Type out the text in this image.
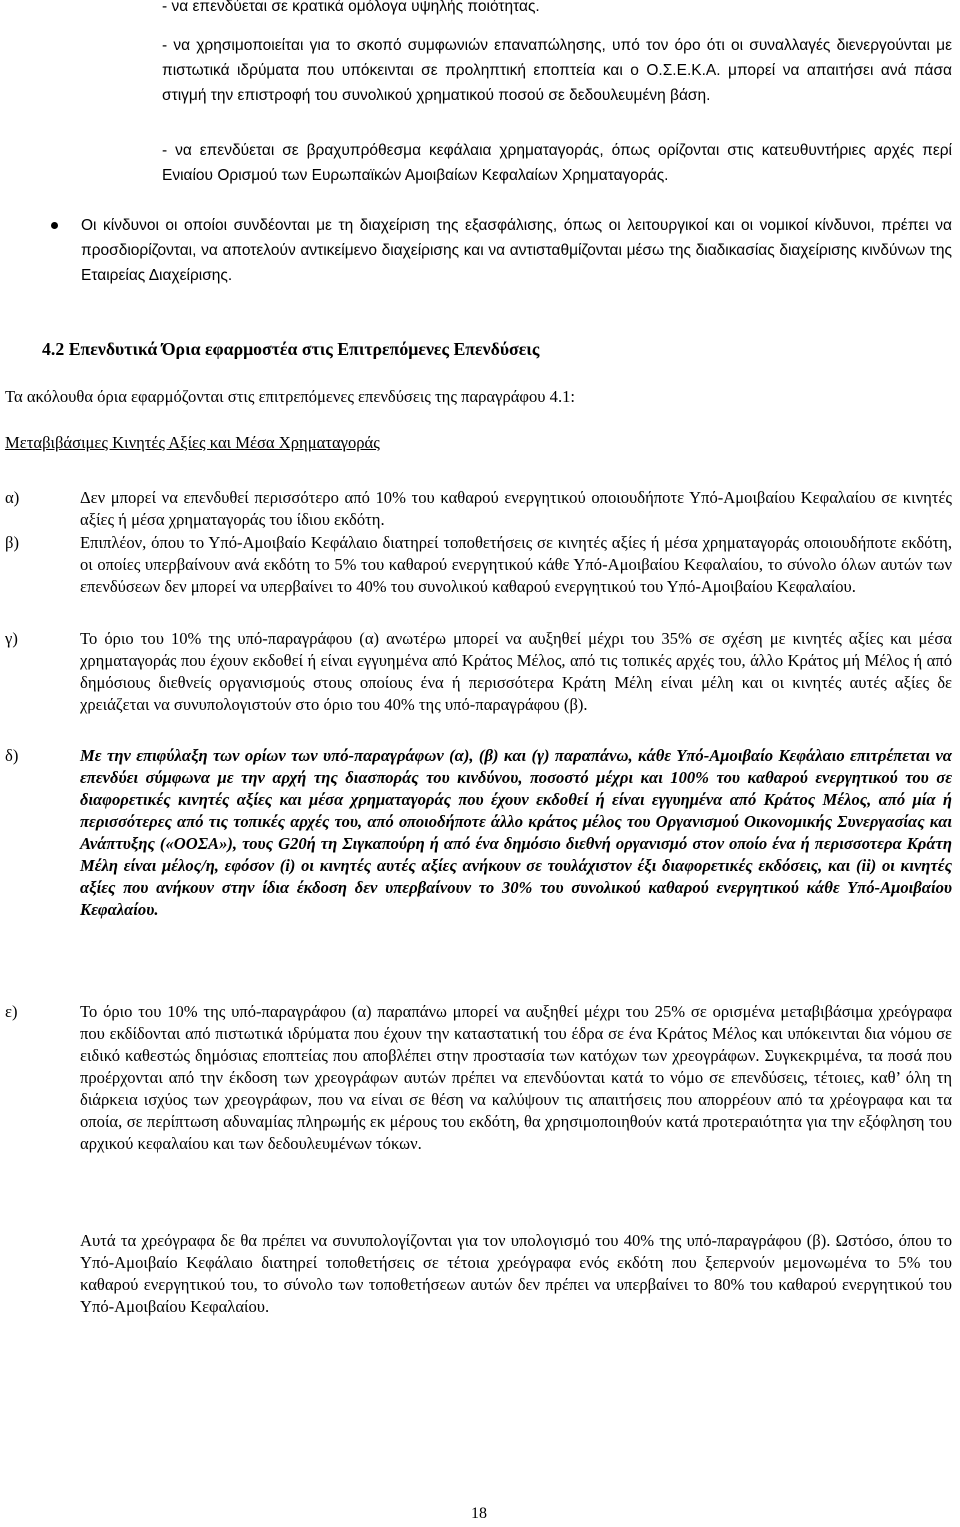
- να επενδύεται σε κρατικά ομόλογα υψηλής ποιότητας.
- να χρησιμοποιείται για το σκοπό συμφωνιών επαναπώλησης, υπό τον όρο ότι οι συναλλαγές διενεργούνται με πιστωτικά ιδρύματα που υπόκεινται σε προληπτική εποπτεία και ο Ο.Σ.Ε.Κ.Α. μπορεί να απαιτήσει ανά πάσα στιγμή την επιστροφή του συνολικού χρηματικού ποσού σε δεδουλευμένη βάση.
- να επενδύεται σε βραχυπρόθεσμα κεφάλαια χρηματαγοράς, όπως ορίζονται στις κατευθυντήριες αρχές περί Ενιαίου Ορισμού των Ευρωπαϊκών Αμοιβαίων Κεφαλαίων Χρηματαγοράς.
Οι κίνδυνοι οι οποίοι συνδέονται με τη διαχείριση της εξασφάλισης, όπως οι λειτουργικοί και οι νομικοί κίνδυνοι, πρέπει να προσδιορίζονται, να αποτελούν αντικείμενο διαχείρισης και να αντισταθμίζονται μέσω της διαδικασίας διαχείρισης κινδύνων της Εταιρείας Διαχείρισης.
4.2 Επενδυτικά Όρια εφαρμοστέα στις Επιτρεπόμενες Επενδύσεις
Τα ακόλουθα όρια εφαρμόζονται στις επιτρεπόμενες επενδύσεις της παραγράφου 4.1:
Μεταβιβάσιμες Κινητές Αξίες και Μέσα Χρηματαγοράς
α)	Δεν μπορεί να επενδυθεί περισσότερο από 10% του καθαρού ενεργητικού οποιουδήποτε Υπό-Αμοιβαίου Κεφαλαίου σε κινητές αξίες ή μέσα χρηματαγοράς του ίδιου εκδότη.
β)	Επιπλέον, όπου το Υπό-Αμοιβαίο Κεφάλαιο διατηρεί τοποθετήσεις σε κινητές αξίες ή μέσα χρηματαγοράς οποιουδήποτε εκδότη, οι οποίες υπερβαίνουν ανά εκδότη το 5% του καθαρού ενεργητικού κάθε Υπό-Αμοιβαίου Κεφαλαίου, το σύνολο όλων αυτών των επενδύσεων δεν μπορεί να υπερβαίνει το 40% του συνολικού καθαρού ενεργητικού του Υπό-Αμοιβαίου Κεφαλαίου.
γ)	Το όριο του 10% της υπό-παραγράφου (α) ανωτέρω μπορεί να αυξηθεί μέχρι του 35% σε σχέση με κινητές αξίες και μέσα χρηματαγοράς που έχουν εκδοθεί ή είναι εγγυημένα από Κράτος Μέλος, από τις τοπικές αρχές του, άλλο Κράτος μή Μέλος ή από δημόσιους διεθνείς οργανισμούς στους οποίους ένα ή περισσότερα Κράτη Μέλη είναι μέλη και οι κινητές αυτές αξίες δε χρειάζεται να συνυπολογιστούν στο όριο του 40% της υπό-παραγράφου (β).
δ)	Με την επιφύλαξη των ορίων των υπό-παραγράφων (α), (β) και (γ) παραπάνω, κάθε Υπό-Αμοιβαίο Κεφάλαιο επιτρέπεται να επενδύει σύμφωνα με την αρχή της διασποράς του κινδύνου, ποσοστό μέχρι και 100% του καθαρού ενεργητικού του σε διαφορετικές κινητές αξίες και μέσα χρηματαγοράς που έχουν εκδοθεί ή είναι εγγυημένα από Κράτος Μέλος, από μία ή περισσότερες από τις τοπικές αρχές του, από οποιοδήποτε άλλο κράτος μέλος του Οργανισμού Οικονομικής Συνεργασίας και Ανάπτυξης («ΟΟΣΑ»), τους G20ή τη Σιγκαπούρη ή από ένα δημόσιο διεθνή οργανισμό στον οποίο ένα ή περισσοτερα Κράτη Μέλη είναι μέλος/η, εφόσον (i) οι κινητές αυτές αξίες ανήκουν σε τουλάχιστον έξι διαφορετικές εκδόσεις, και (ii) οι κινητές αξίες που ανήκουν στην ίδια έκδοση δεν υπερβαίνουν το 30% του συνολικού καθαρού ενεργητικού κάθε Υπό-Αμοιβαίου Κεφαλαίου.
ε)	Το όριο του 10% της υπό-παραγράφου (α) παραπάνω μπορεί να αυξηθεί μέχρι του 25% σε ορισμένα μεταβιβάσιμα χρεόγραφα που εκδίδονται από πιστωτικά ιδρύματα που έχουν την καταστατική του έδρα σε ένα Κράτος Μέλος και υπόκεινται δια νόμου σε ειδικό καθεστώς δημόσιας εποπτείας που αποβλέπει στην προστασία των κατόχων των χρεογράφων. Συγκεκριμένα, τα ποσά που προέρχονται από την έκδοση των χρεογράφων αυτών πρέπει να επενδύονται κατά το νόμο σε επενδύσεις, τέτοιες, καθ’ όλη τη διάρκεια ισχύος των χρεογράφων, που να είναι σε θέση να καλύψουν τις απαιτήσεις που απορρέουν από τα χρέογραφα και τα οποία, σε περίπτωση αδυναμίας πληρωμής εκ μέρους του εκδότη, θα χρησιμοποιηθούν κατά προτεραιότητα για την εξόφληση του αρχικού κεφαλαίου και των δεδουλευμένων τόκων.
Αυτά τα χρεόγραφα δε θα πρέπει να συνυπολογίζονται για τον υπολογισμό του 40% της υπό-παραγράφου (β). Ωστόσο, όπου το Υπό-Αμοιβαίο Κεφάλαιο διατηρεί τοποθετήσεις σε τέτοια χρεόγραφα ενός εκδότη που ξεπερνούν μεμονωμένα το 5% του καθαρού ενεργητικού του, το σύνολο των τοποθετήσεων αυτών δεν πρέπει να υπερβαίνει το 80% του καθαρού ενεργητικού του Υπό-Αμοιβαίου Κεφαλαίου.
18
